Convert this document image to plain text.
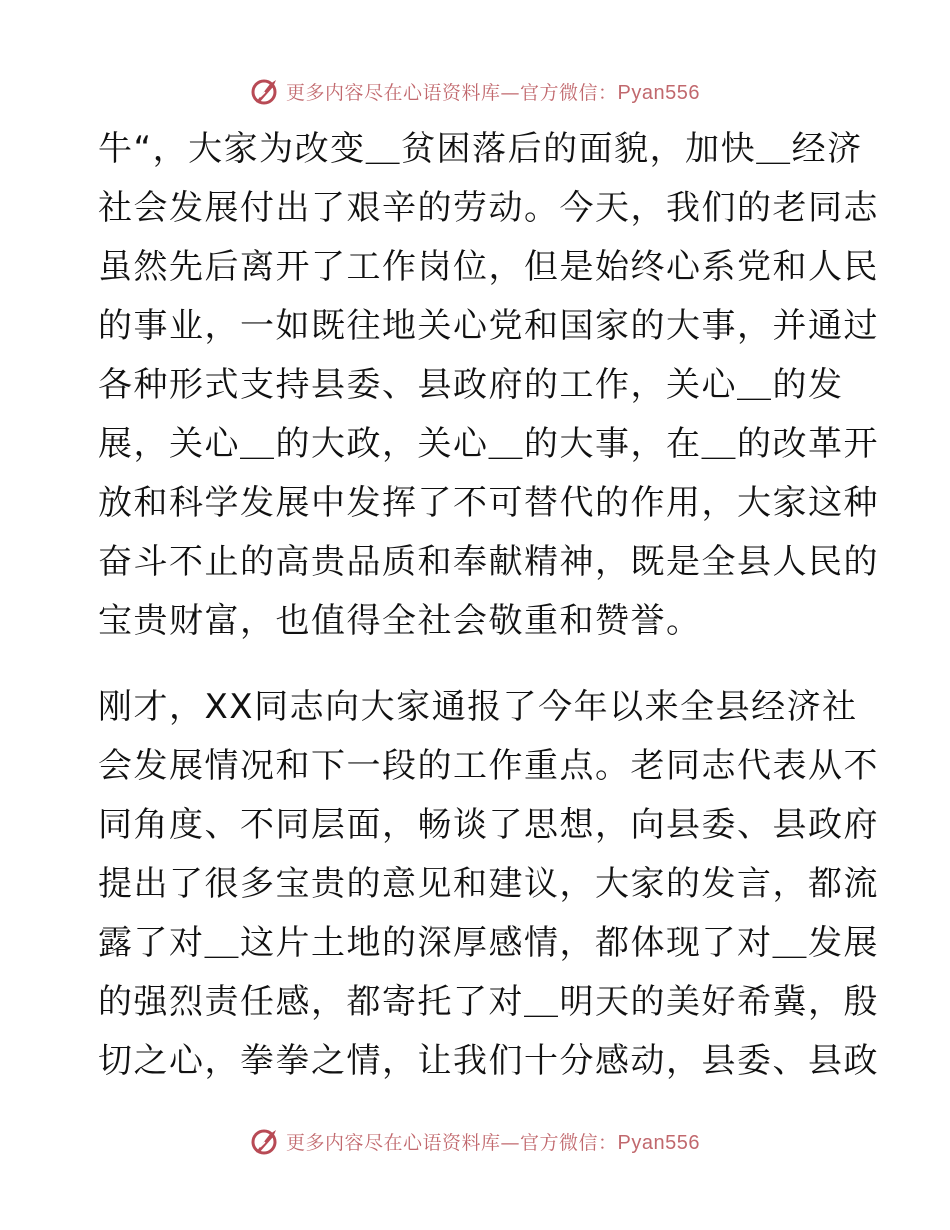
更多内容尽在心语资料库—官方微信：Pyan556
牛“，大家为改变＿贫困落后的面貌，加快＿经济
社会发展付出了艰辛的劳动。今天，我们的老同志
虽然先后离开了工作岗位，但是始终心系党和人民
的事业，一如既往地关心党和国家的大事，并通过
各种形式支持县委、县政府的工作，关心＿的发
展，关心＿的大政，关心＿的大事，在＿的改革开
放和科学发展中发挥了不可替代的作用，大家这种
奋斗不止的高贵品质和奉献精神，既是全县人民的
宝贵财富，也值得全社会敬重和赞誉。
刚才，XX同志向大家通报了今年以来全县经济社
会发展情况和下一段的工作重点。老同志代表从不
同角度、不同层面，畅谈了思想，向县委、县政府
提出了很多宝贵的意见和建议，大家的发言，都流
露了对＿这片土地的深厚感情，都体现了对＿发展
的强烈责任感，都寄托了对＿明天的美好希冀，殷
切之心，拳拳之情，让我们十分感动，县委、县政
更多内容尽在心语资料库—官方微信：Pyan556
